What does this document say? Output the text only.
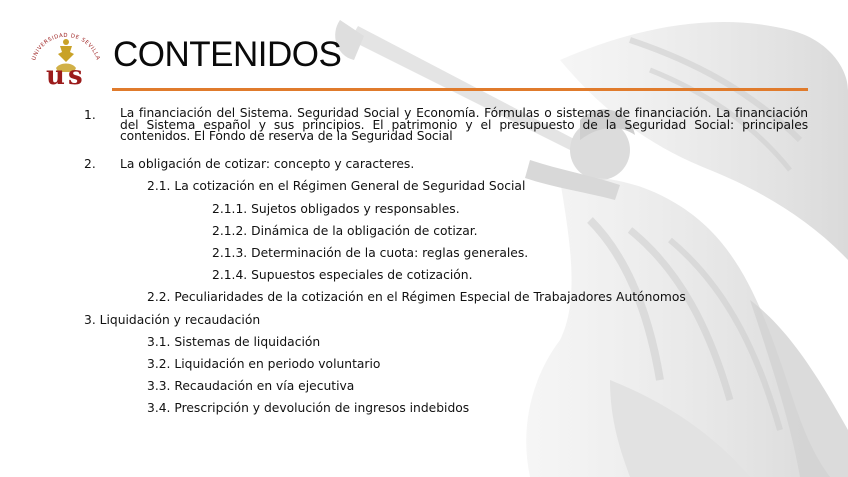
UNIVERSIDAD DE SEVILLA
u s
CONTENIDOS
1. La financiación del Sistema. Seguridad Social y Economía. Fórmulas o sistemas de financiación. La financiación del Sistema español y sus principios. El patrimonio y el presupuesto de la Seguridad Social: principales contenidos. El Fondo de reserva de la Seguridad Social
2. La obligación de cotizar: concepto y caracteres.
2.1. La cotización en el Régimen General de Seguridad Social
2.1.1. Sujetos obligados y responsables.
2.1.2. Dinámica de la obligación de cotizar.
2.1.3. Determinación de la cuota: reglas generales.
2.1.4. Supuestos especiales de cotización.
2.2. Peculiaridades de la cotización en el Régimen Especial de Trabajadores Autónomos
3. Liquidación y recaudación
3.1. Sistemas de liquidación
3.2. Liquidación en periodo voluntario
3.3. Recaudación en vía ejecutiva
3.4. Prescripción y devolución de ingresos indebidos
